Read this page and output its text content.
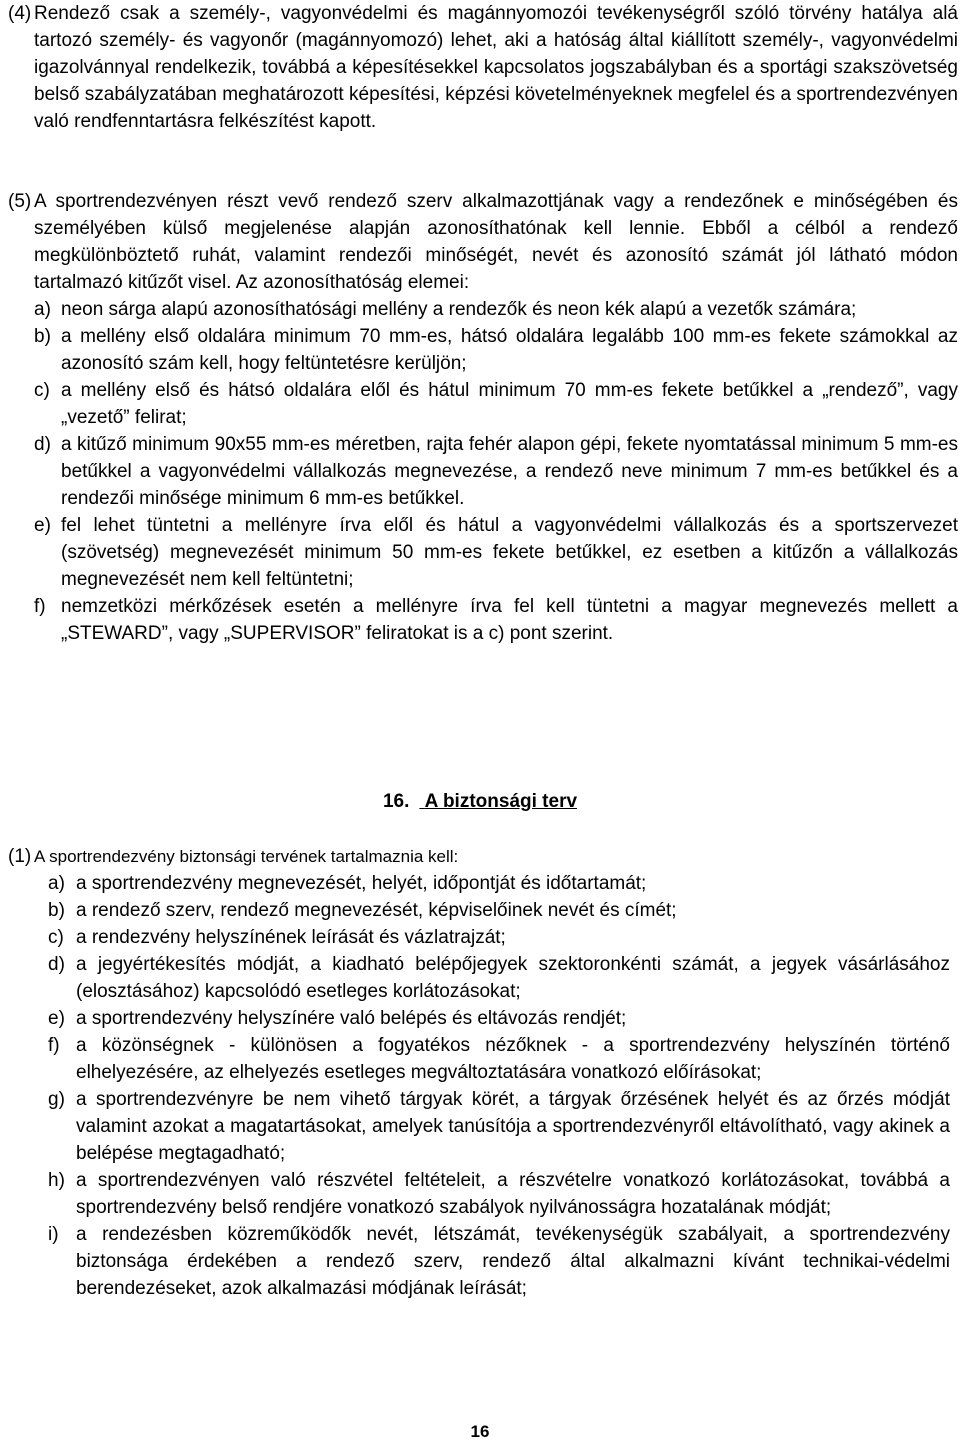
(4) Rendező csak a személy-, vagyonvédelmi és magánnyomozói tevékenységről szóló törvény hatálya alá tartozó személy- és vagyonőr (magánnyomozó) lehet, aki a hatóság által kiállított személy-, vagyonvédelmi igazolvánnyal rendelkezik, továbbá a képesítésekkel kapcsolatos jogszabályban és a sportági szakszövetség belső szabályzatában meghatározott képesítési, képzési követelményeknek megfelel és a sportrendezvényen való rendfenntartásra felkészítést kapott.
(5) A sportrendezvényen részt vevő rendező szerv alkalmazottjának vagy a rendezőnek e minőségében és személyében külső megjelenése alapján azonosíthatónak kell lennie. Ebből a célból a rendező megkülönböztető ruhát, valamint rendezői minőségét, nevét és azonosító számát jól látható módon tartalmazó kitűzőt visel. Az azonosíthatóság elemei:
a) neon sárga alapú azonosíthatósági mellény a rendezők és neon kék alapú a vezetők számára;
b) a mellény első oldalára minimum 70 mm-es, hátsó oldalára legalább 100 mm-es fekete számokkal az azonosító szám kell, hogy feltüntetésre kerüljön;
c) a mellény első és hátsó oldalára elől és hátul minimum 70 mm-es fekete betűkkel a „rendező”, vagy „vezető” felirat;
d) a kitűző minimum 90x55 mm-es méretben, rajta fehér alapon gépi, fekete nyomtatással minimum 5 mm-es betűkkel a vagyonvédelmi vállalkozás megnevezése, a rendező neve minimum 7 mm-es betűkkel és a rendezői minősége minimum 6 mm-es betűkkel.
e) fel lehet tüntetni a mellényre írva elől és hátul a vagyonvédelmi vállalkozás és a sportszervezet (szövetség) megnevezését minimum 50 mm-es fekete betűkkel, ez esetben a kitűzőn a vállalkozás megnevezését nem kell feltüntetni;
f) nemzetközi mérkőzések esetén a mellényre írva fel kell tüntetni a magyar megnevezés mellett a „STEWARD”, vagy „SUPERVISOR” feliratokat is a c) pont szerint.
16. A biztonsági terv
(1) A sportrendezvény biztonsági tervének tartalmaznia kell:
a) a sportrendezvény megnevezését, helyét, időpontját és időtartamát;
b) a rendező szerv, rendező megnevezését, képviselőinek nevét és címét;
c) a rendezvény helyszínének leírását és vázlatrajzát;
d) a jegyértékesítés módját, a kiadható belépőjegyek szektoronkénti számát, a jegyek vásárlásához (elosztásához) kapcsolódó esetleges korlátozásokat;
e) a sportrendezvény helyszínére való belépés és eltávozás rendjét;
f) a közönségnek - különösen a fogyatékos nézőknek - a sportrendezvény helyszínén történő elhelyezésére, az elhelyezés esetleges megváltoztatására vonatkozó előírásokat;
g) a sportrendezvényre be nem vihető tárgyak körét, a tárgyak őrzésének helyét és az őrzés módját valamint azokat a magatartásokat, amelyek tanúsítója a sportrendezvényről eltávolítható, vagy akinek a belépése megtagadható;
h) a sportrendezvényen való részvétel feltételeit, a részvételre vonatkozó korlátozásokat, továbbá a sportrendezvény belső rendjére vonatkozó szabályok nyilvánosságra hozatalának módját;
i) a rendezésben közreműködők nevét, létszámát, tevékenységük szabályait, a sportrendezvény biztonsága érdekében a rendező szerv, rendező által alkalmazni kívánt technikai-védelmi berendezéseket, azok alkalmazási módjának leírását;
16
